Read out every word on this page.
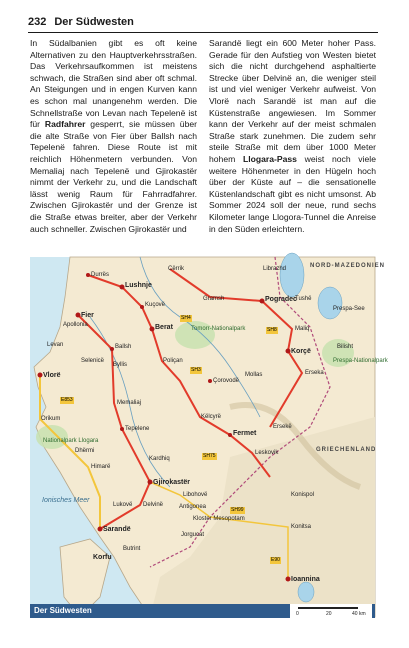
232 Der Südwesten

In Südalbanien gibt es oft keine Alternativen zu den Hauptverkehrsstraßen. Das Verkehrsaufkommen ist meistens schwach, die Straßen sind aber oft schmal. An Steigungen und in engen Kurven kann es schon mal unangenehm werden. Die Schnellstraße von Levan nach Tepelenë ist für Radfahrer gesperrt, sie müssen über die alte Straße von Fier über Ballsh nach Tepelenë fahren. Diese Route ist mit reichlich Höhenmetern verbunden. Von Memaliaj nach Tepelenë und Gjirokastër nimmt der Verkehr zu, und die Landschaft lässt wenig Raum für Fahrradfahrer. Zwischen Gjirokastër und der Grenze ist die Straße etwas breiter, aber der Verkehr auch schneller. Zwischen Gjirokastër und

Sarandë liegt ein 600 Meter hoher Pass. Gerade für den Aufstieg von Westen bietet sich die nicht durchgehend asphaltierte Strecke über Delvinë an, die weniger steil ist und viel weniger Verkehr aufweist. Von Vlorë nach Sarandë ist man auf die Küstenstraße angewiesen. Im Sommer kann der Verkehr auf der meist schmalen Straße stark zunehmen. Die zudem sehr steile Straße mit dem über 1000 Meter hohem Llogara-Pass weist noch viele weitere Höhenmeter in den Hügeln hoch über der Küste auf – die sensationelle Küstenlandschaft gibt es nicht umsonst. Ab Sommer 2024 soll der neue, rund sechs Kilometer lange Llogora-Tunnel die Anreise in den Süden erleichtern.

Durrës
Lushnje
Cërrik
Gramsh
Librazhd
Pogradec
Tushë
Prespa-See
Kuçovë
Fier
Berat	Tomorr-Nationalpark	Maliq
Apollonia
Ballsh
Poliçan
Korçë
Bilisht
Prespa-Nationalpark
Mollas	Erseka
Selenicë
Levan
Vlorë
Byllis
Çorovodë
Memaliaj
Këlcyrë
Fermet
Ersekë
Orikum
Tepelene
Nationalpark Llogara
Dhërmi	Leskovik
Kardhiq
Himarë
Gjirokastër
Libohovë
Antigonea
Delvinë
Lukovë
Konispol
Sarandë
Butrint
Korfu
Konitsa
Ioannina
Kloster Mesopotam
Jorgucat
NORD-MAZEDONIEN
GRIECHENLAND
Ionisches Meer
SH4
SH8
SH3
E853
SH75
SH99
E90
Der Südwesten	0	20	40 km
